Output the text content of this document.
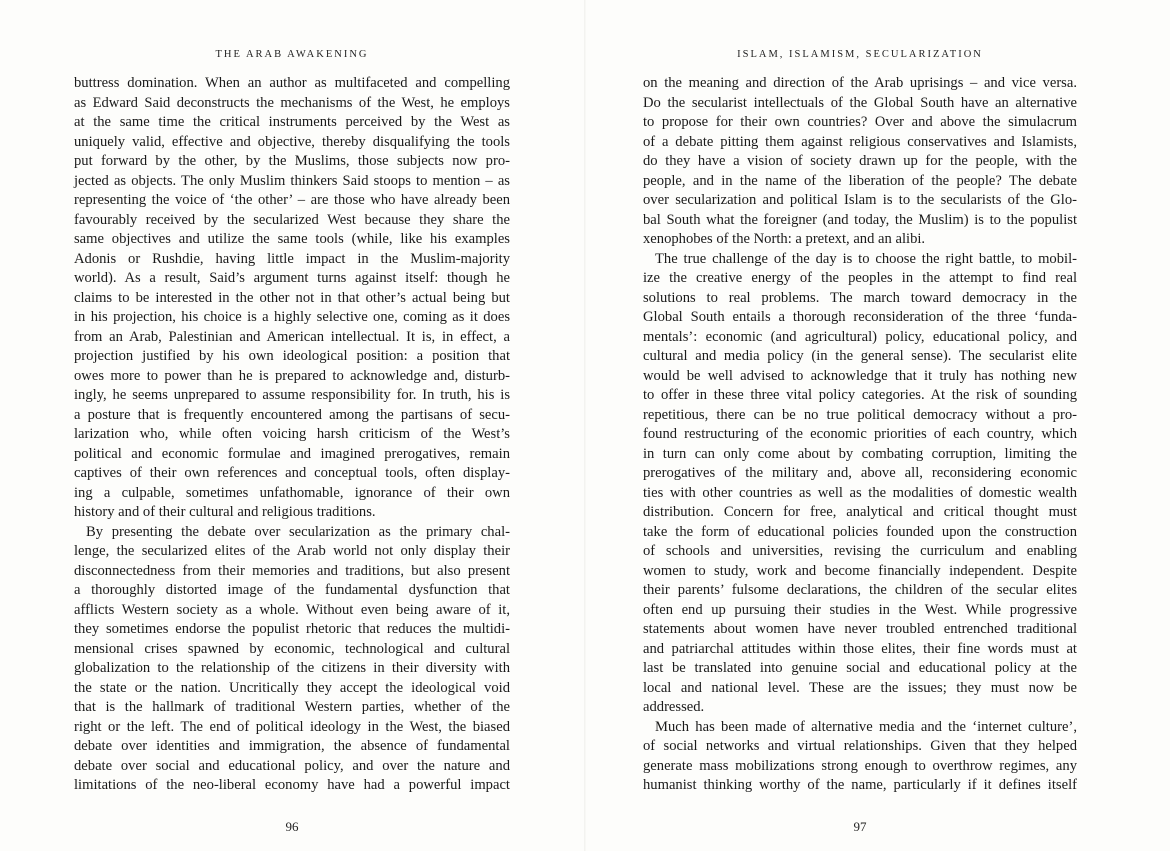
THE ARAB AWAKENING
buttress domination. When an author as multifaceted and compelling
as Edward Said deconstructs the mechanisms of the West, he employs
at the same time the critical instruments perceived by the West as
uniquely valid, effective and objective, thereby disqualifying the tools
put forward by the other, by the Muslims, those subjects now pro-
jected as objects. The only Muslim thinkers Said stoops to mention – as
representing the voice of ‘the other’ – are those who have already been
favourably received by the secularized West because they share the
same objectives and utilize the same tools (while, like his examples
Adonis or Rushdie, having little impact in the Muslim-majority
world). As a result, Said’s argument turns against itself: though he
claims to be interested in the other not in that other’s actual being but
in his projection, his choice is a highly selective one, coming as it does
from an Arab, Palestinian and American intellectual. It is, in effect, a
projection justified by his own ideological position: a position that
owes more to power than he is prepared to acknowledge and, disturb-
ingly, he seems unprepared to assume responsibility for. In truth, his is
a posture that is frequently encountered among the partisans of secu-
larization who, while often voicing harsh criticism of the West’s
political and economic formulae and imagined prerogatives, remain
captives of their own references and conceptual tools, often display-
ing a culpable, sometimes unfathomable, ignorance of their own
history and of their cultural and religious traditions.
By presenting the debate over secularization as the primary chal-
lenge, the secularized elites of the Arab world not only display their
disconnectedness from their memories and traditions, but also present
a thoroughly distorted image of the fundamental dysfunction that
afflicts Western society as a whole. Without even being aware of it,
they sometimes endorse the populist rhetoric that reduces the multidi-
mensional crises spawned by economic, technological and cultural
globalization to the relationship of the citizens in their diversity with
the state or the nation. Uncritically they accept the ideological void
that is the hallmark of traditional Western parties, whether of the
right or the left. The end of political ideology in the West, the biased
debate over identities and immigration, the absence of fundamental
debate over social and educational policy, and over the nature and
limitations of the neo-liberal economy have had a powerful impact
96
ISLAM, ISLAMISM, SECULARIZATION
on the meaning and direction of the Arab uprisings – and vice versa.
Do the secularist intellectuals of the Global South have an alternative
to propose for their own countries? Over and above the simulacrum
of a debate pitting them against religious conservatives and Islamists,
do they have a vision of society drawn up for the people, with the
people, and in the name of the liberation of the people? The debate
over secularization and political Islam is to the secularists of the Glo-
bal South what the foreigner (and today, the Muslim) is to the populist
xenophobes of the North: a pretext, and an alibi.
The true challenge of the day is to choose the right battle, to mobil-
ize the creative energy of the peoples in the attempt to find real
solutions to real problems. The march toward democracy in the
Global South entails a thorough reconsideration of the three ‘funda-
mentals’: economic (and agricultural) policy, educational policy, and
cultural and media policy (in the general sense). The secularist elite
would be well advised to acknowledge that it truly has nothing new
to offer in these three vital policy categories. At the risk of sounding
repetitious, there can be no true political democracy without a pro-
found restructuring of the economic priorities of each country, which
in turn can only come about by combating corruption, limiting the
prerogatives of the military and, above all, reconsidering economic
ties with other countries as well as the modalities of domestic wealth
distribution. Concern for free, analytical and critical thought must
take the form of educational policies founded upon the construction
of schools and universities, revising the curriculum and enabling
women to study, work and become financially independent. Despite
their parents’ fulsome declarations, the children of the secular elites
often end up pursuing their studies in the West. While progressive
statements about women have never troubled entrenched traditional
and patriarchal attitudes within those elites, their fine words must at
last be translated into genuine social and educational policy at the
local and national level. These are the issues; they must now be
addressed.
Much has been made of alternative media and the ‘internet culture’,
of social networks and virtual relationships. Given that they helped
generate mass mobilizations strong enough to overthrow regimes, any
humanist thinking worthy of the name, particularly if it defines itself
97
